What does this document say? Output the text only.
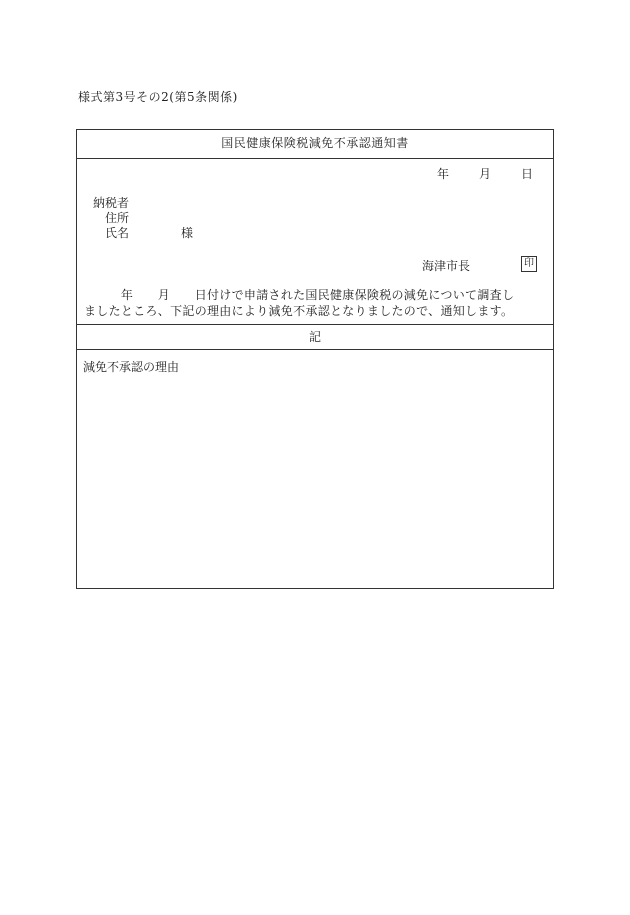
様式第3号その2(第5条関係)
国民健康保険税減免不承認通知書
年	月	日
納税者
住所
氏名	様
海津市長	印
　　　年　　月　　日付けで申請された国民健康保険税の減免について調査し
ましたところ、下記の理由により減免不承認となりましたので、通知します。
記
減免不承認の理由
